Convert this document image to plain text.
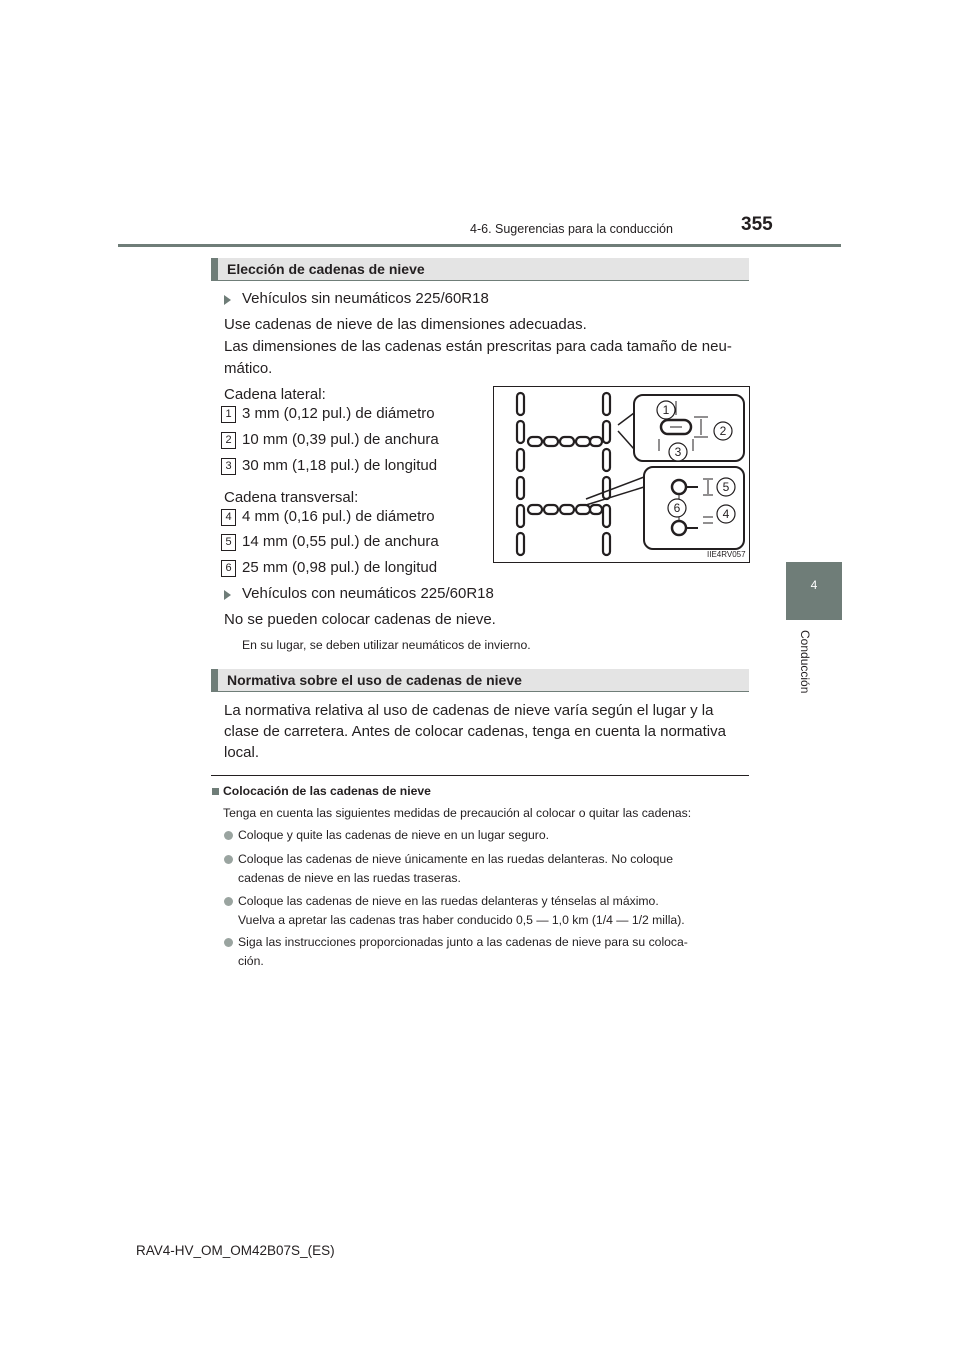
4-6. Sugerencias para la conducción	355
4
Conducción
Elección de cadenas de nieve
Vehículos sin neumáticos 225/60R18
Use cadenas de nieve de las dimensiones adecuadas.
Las dimensiones de las cadenas están prescritas para cada tamaño de neu-
mático.
Cadena lateral:
1 3 mm (0,12 pul.) de diámetro
2 10 mm (0,39 pul.) de anchura
3 30 mm (1,18 pul.) de longitud
Cadena transversal:
4 4 mm (0,16 pul.) de diámetro
5 14 mm (0,55 pul.) de anchura
6 25 mm (0,98 pul.) de longitud
Vehículos con neumáticos 225/60R18
No se pueden colocar cadenas de nieve.
En su lugar, se deben utilizar neumáticos de invierno.
1
2
3
5
4
6
IIE4RV057
Normativa sobre el uso de cadenas de nieve
La normativa relativa al uso de cadenas de nieve varía según el lugar y la
clase de carretera. Antes de colocar cadenas, tenga en cuenta la normativa
local.
Colocación de las cadenas de nieve
Tenga en cuenta las siguientes medidas de precaución al colocar o quitar las cadenas:
Coloque y quite las cadenas de nieve en un lugar seguro.
Coloque las cadenas de nieve únicamente en las ruedas delanteras. No coloque
cadenas de nieve en las ruedas traseras.
Coloque las cadenas de nieve en las ruedas delanteras y ténselas al máximo.
Vuelva a apretar las cadenas tras haber conducido 0,5 — 1,0 km (1/4 — 1/2 milla).
Siga las instrucciones proporcionadas junto a las cadenas de nieve para su coloca-
ción.
RAV4-HV_OM_OM42B07S_(ES)
